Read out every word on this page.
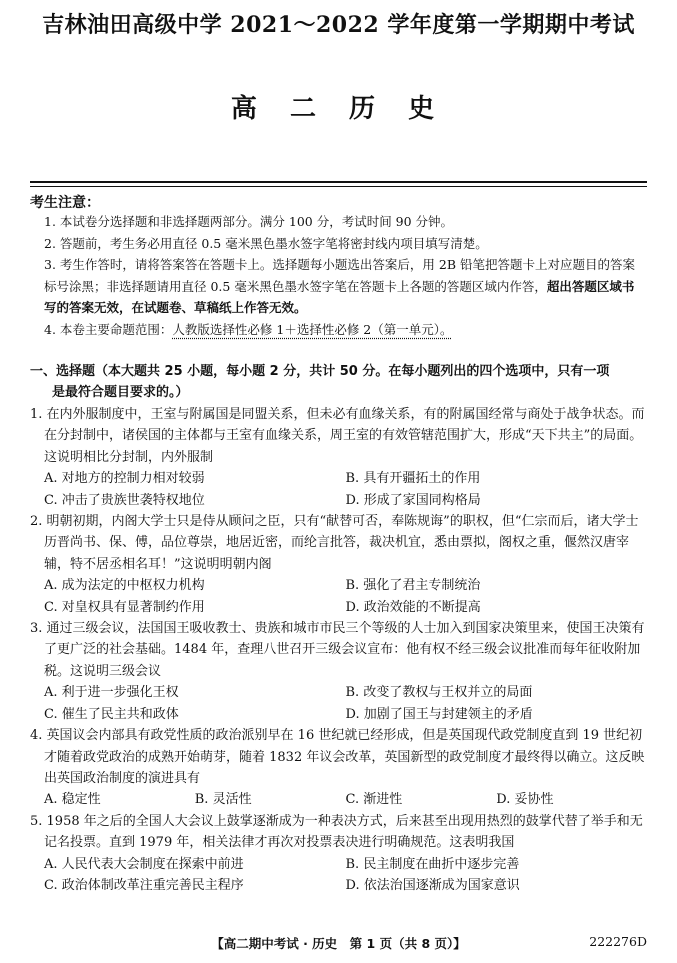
吉林油田高级中学 2021～2022 学年度第一学期期中考试
高 二 历 史
考生注意：

1. 本试卷分选择题和非选择题两部分。满分 100 分，考试时间 90 分钟。

2. 答题前，考生务必用直径 0.5 毫米黑色墨水签字笔将密封线内项目填写清楚。

3. 考生作答时，请将答案答在答题卡上。选择题每小题选出答案后，用 2B 铅笔把答题卡上对应题目的答案标号涂黑；非选择题请用直径 0.5 毫米黑色墨水签字笔在答题卡上各题的答题区域内作答，超出答题区域书写的答案无效，在试题卷、草稿纸上作答无效。

4. 本卷主要命题范围：人教版选择性必修 1＋选择性必修 2（第一单元）。

一、选择题（本大题共 25 小题，每小题 2 分，共计 50 分。在每小题列出的四个选项中，只有一项
是最符合题目要求的。）

1. 在内外服制度中，王室与附属国是同盟关系，但未必有血缘关系，有的附属国经常与商处于战争状态。而在分封制中，诸侯国的主体都与王室有血缘关系，周王室的有效管辖范围扩大，形成“天下共主”的局面。这说明相比分封制，内外服制

A. 对地方的控制力相对较弱	B. 具有开疆拓土的作用
C. 冲击了贵族世袭特权地位	D. 形成了家国同构格局

2. 明朝初期，内阁大学士只是侍从顾问之臣，只有“献替可否，奉陈规诲”的职权，但“仁宗而后，诸大学士历晋尚书、保、傅，品位尊崇，地居近密，而纶言批答，裁决机宜，悉由票拟，阁权之重，偃然汉唐宰辅，特不居丞相名耳！”这说明明朝内阁

A. 成为法定的中枢权力机构	B. 强化了君主专制统治
C. 对皇权具有显著制约作用	D. 政治效能的不断提高

3. 通过三级会议，法国国王吸收教士、贵族和城市市民三个等级的人士加入到国家决策里来，使国王决策有了更广泛的社会基础。1484 年，查理八世召开三级会议宣布：他有权不经三级会议批准而每年征收附加税。这说明三级会议

A. 利于进一步强化王权	B. 改变了教权与王权并立的局面
C. 催生了民主共和政体	D. 加剧了国王与封建领主的矛盾

4. 英国议会内部具有政党性质的政治派别早在 16 世纪就已经形成，但是英国现代政党制度直到 19 世纪初才随着政党政治的成熟开始萌芽，随着 1832 年议会改革，英国新型的政党制度才最终得以确立。这反映出英国政治制度的演进具有

A. 稳定性	B. 灵活性	C. 渐进性	D. 妥协性

5. 1958 年之后的全国人大会议上鼓掌逐渐成为一种表决方式，后来甚至出现用热烈的鼓掌代替了举手和无记名投票。直到 1979 年，相关法律才再次对投票表决进行明确规范。这表明我国

A. 人民代表大会制度在探索中前进	B. 民主制度在曲折中逐步完善
C. 政治体制改革注重完善民主程序	D. 依法治国逐渐成为国家意识
【高二期中考试 · 历史　第 1 页（共 8 页）】	222276D
